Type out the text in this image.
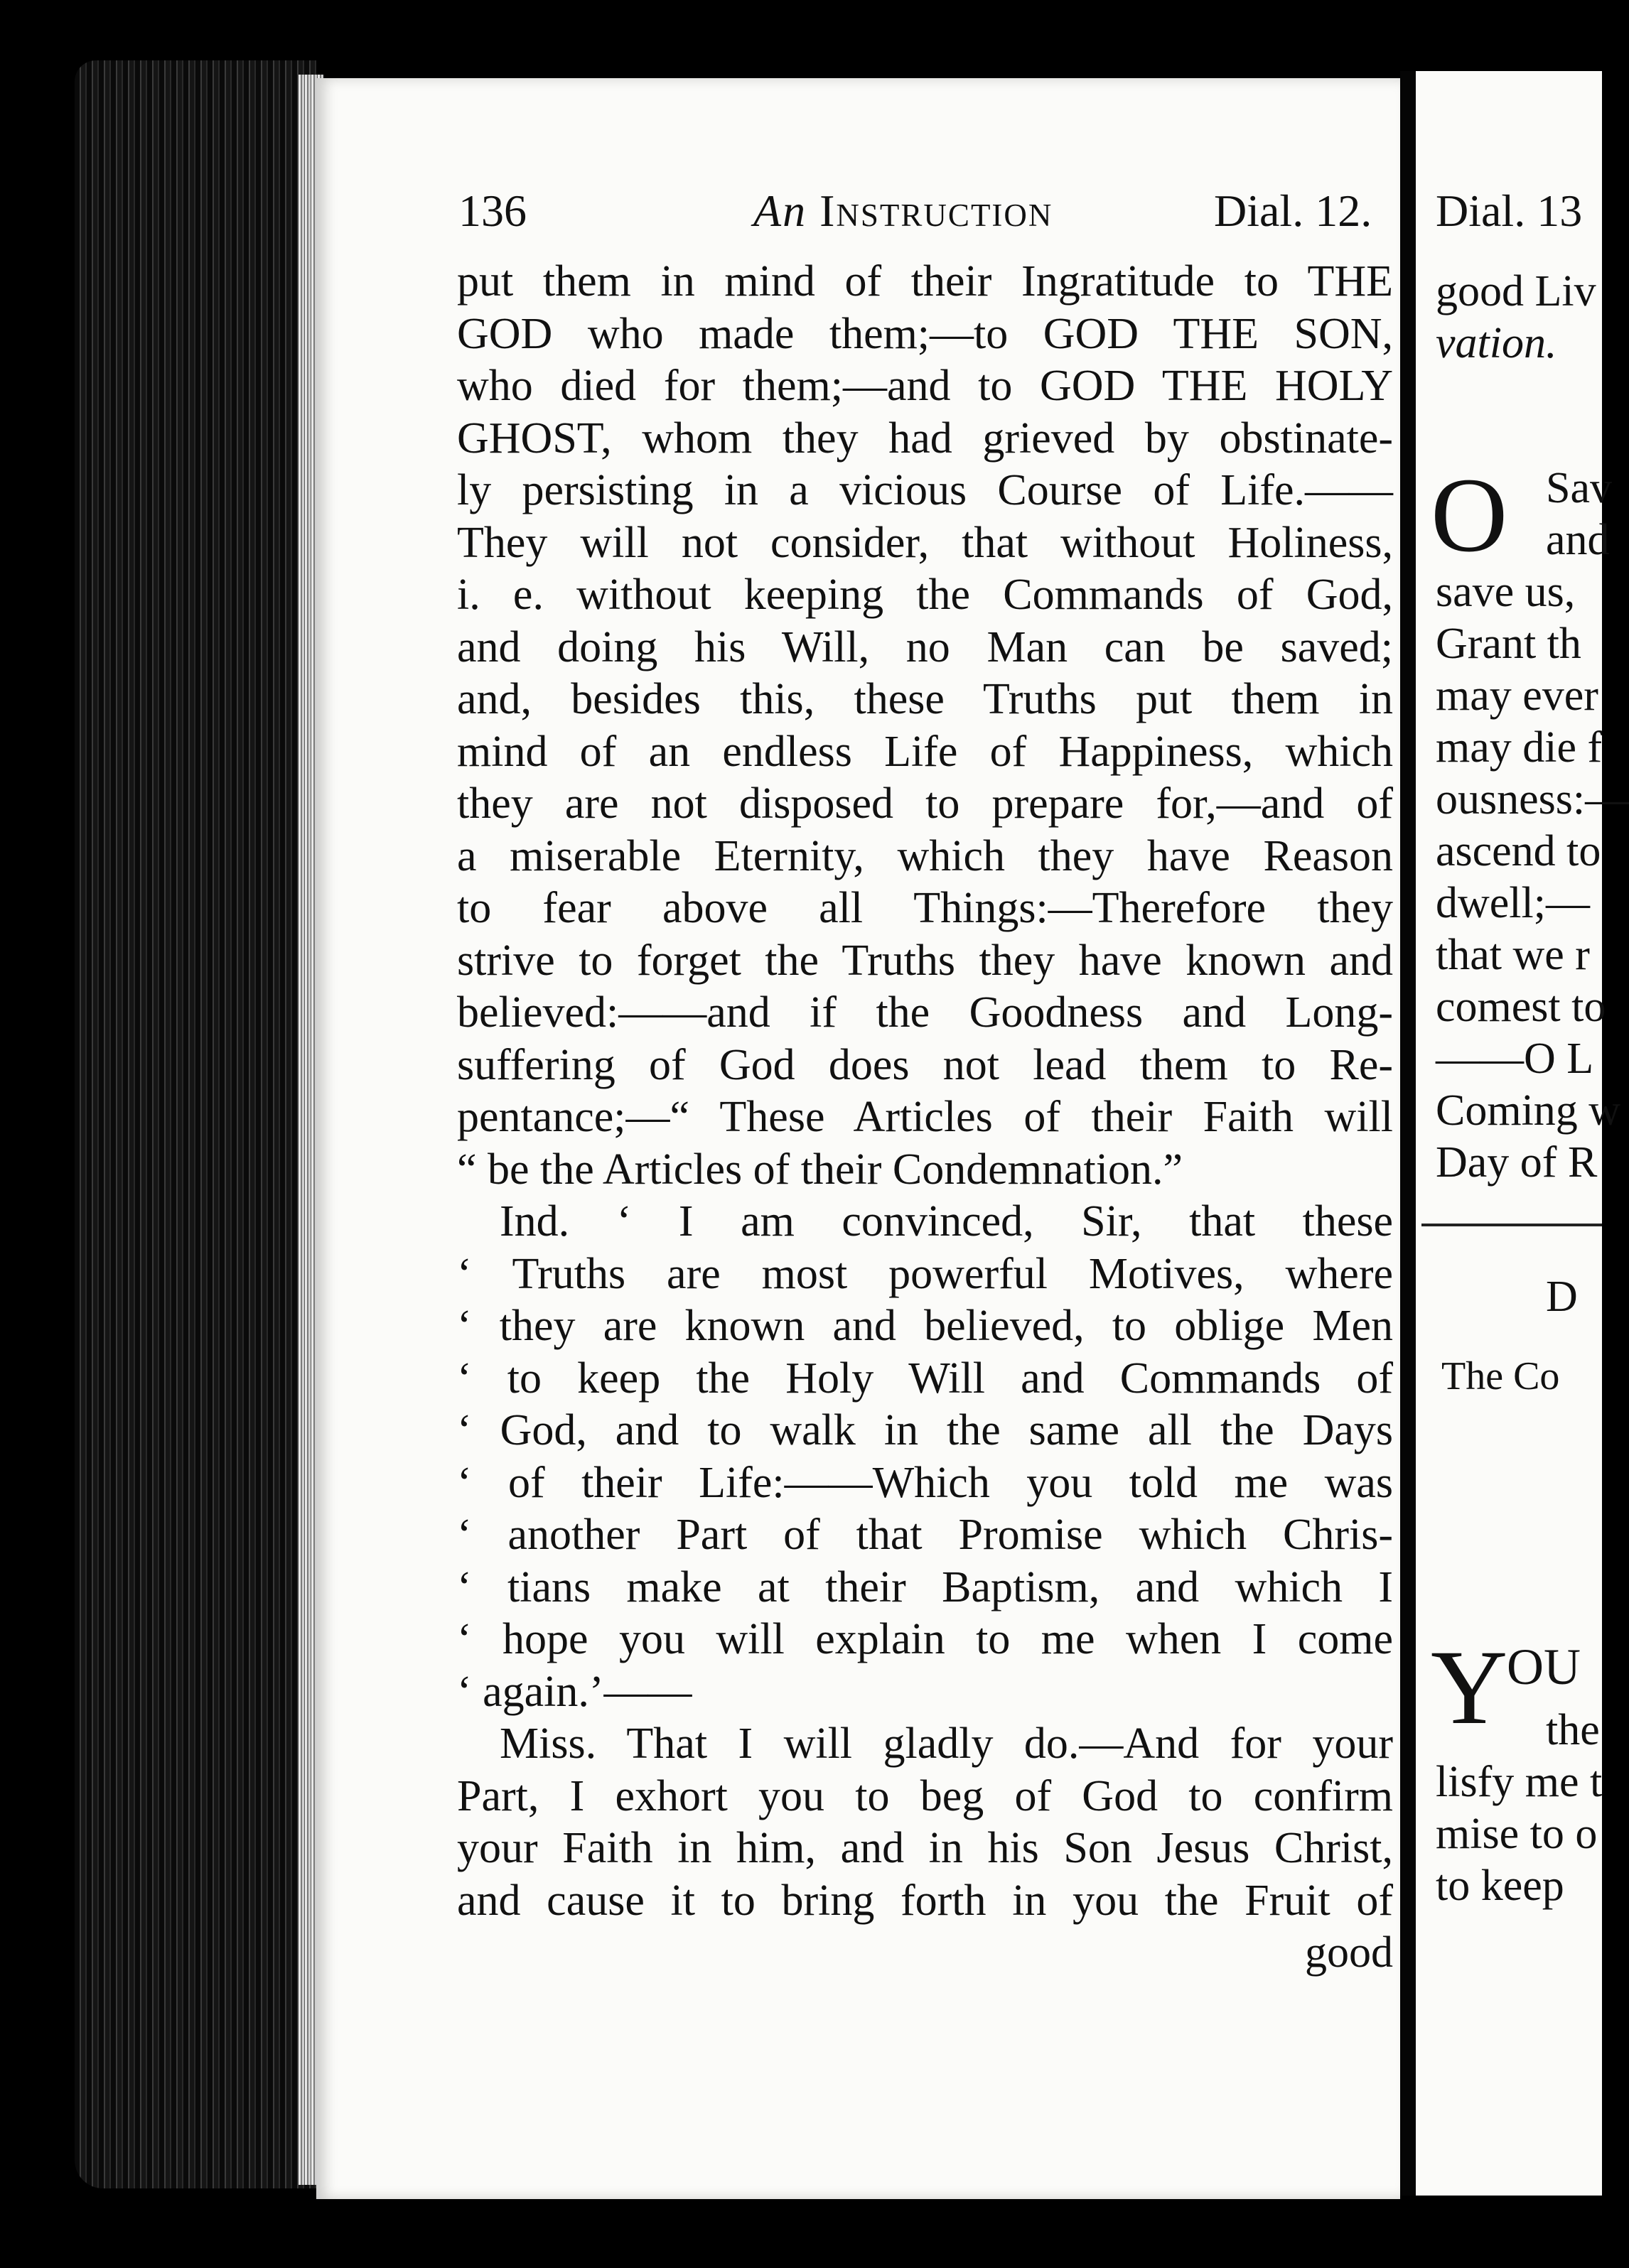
136	An Instruction	Dial. 12.
put them in mind of their Ingratitude to THE
GOD who made them;—to GOD THE SON,
who died for them;—and to GOD THE HOLY
GHOST, whom they had grieved by obstinate-
ly persisting in a vicious Course of Life.——
They will not consider, that without Holiness,
i. e. without keeping the Commands of God,
and doing his Will, no Man can be saved;
and, besides this, these Truths put them in
mind of an endless Life of Happiness, which
they are not disposed to prepare for,—and of
a miserable Eternity, which they have Reason
to fear above all Things:—Therefore they
strive to forget the Truths they have known and
believed:——and if the Goodness and Long-
suffering of God does not lead them to Re-
pentance;—“ These Articles of their Faith will
“ be the Articles of their Condemnation.”
Ind. ‘ I am convinced, Sir, that these
‘ Truths are most powerful Motives, where
‘ they are known and believed, to oblige Men
‘ to keep the Holy Will and Commands of
‘ God, and to walk in the same all the Days
‘ of their Life:——Which you told me was
‘ another Part of that Promise which Chris-
‘ tians make at their Baptism, and which I
‘ hope you will explain to me when I come
‘ again.’——
Miss. That I will gladly do.—And for your
Part, I exhort you to beg of God to confirm
your Faith in him, and in his Son Jesus Christ,
and cause it to bring forth in you the Fruit of
good
Dial. 13
good Liv
vation.
O Sav
and
save us,
Grant th
may ever
may die f
ousness:—
ascend to
dwell;—
that we r
comest to
——O L
Coming w
Day of R
D
The Co
Y
OU
the
lisfy me t
mise to o
to keep
